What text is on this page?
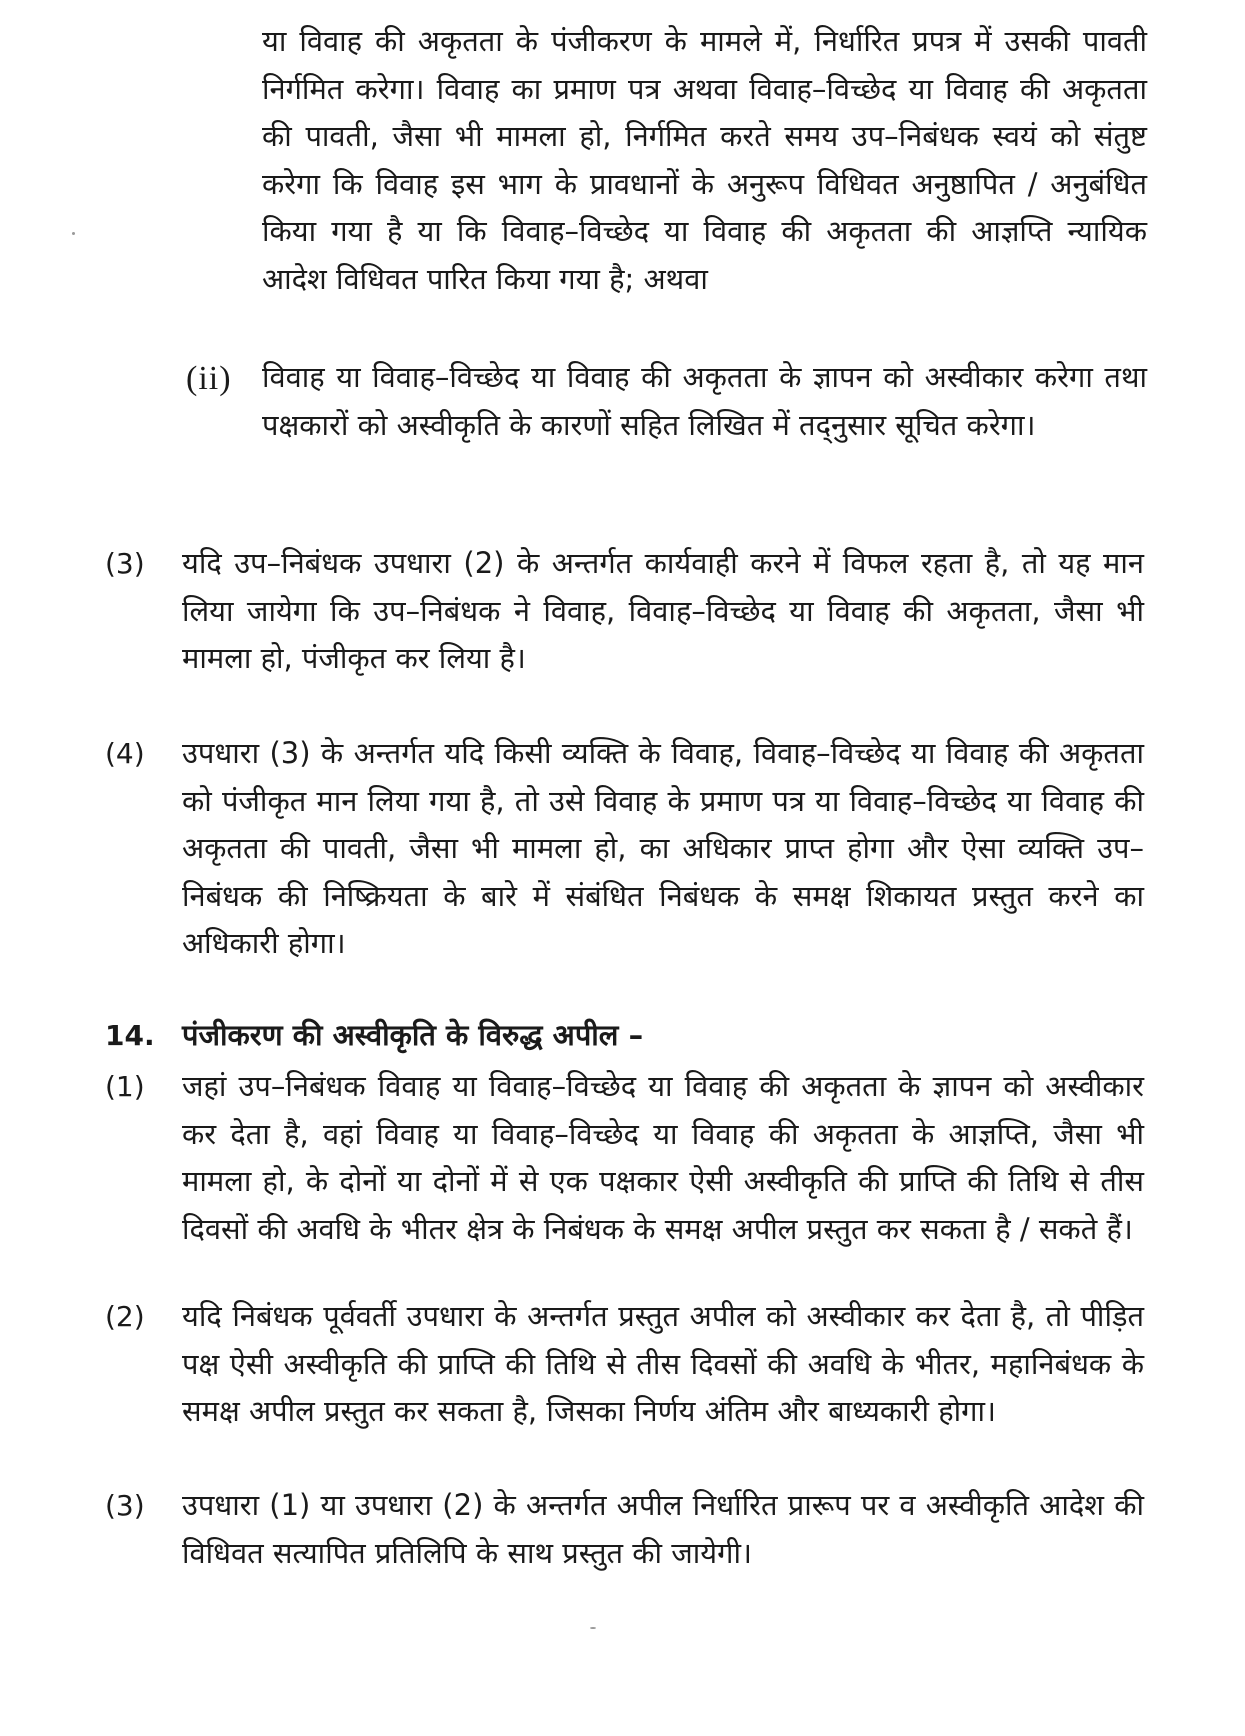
या विवाह की अकृतता के पंजीकरण के मामले में, निर्धारित प्रपत्र में उसकी पावती निर्गमित करेगा। विवाह का प्रमाण पत्र अथवा विवाह–विच्छेद या विवाह की अकृतता की पावती, जैसा भी मामला हो, निर्गमित करते समय उप–निबंधक स्वयं को संतुष्ट करेगा कि विवाह इस भाग के प्रावधानों के अनुरूप विधिवत अनुष्ठापित / अनुबंधित किया गया है या कि विवाह–विच्छेद या विवाह की अकृतता की आज्ञप्ति न्यायिक आदेश विधिवत पारित किया गया है; अथवा
(ii) विवाह या विवाह–विच्छेद या विवाह की अकृतता के ज्ञापन को अस्वीकार करेगा तथा पक्षकारों को अस्वीकृति के कारणों सहित लिखित में तद्नुसार सूचित करेगा।
(3) यदि उप–निबंधक उपधारा (2) के अन्तर्गत कार्यवाही करने में विफल रहता है, तो यह मान लिया जायेगा कि उप–निबंधक ने विवाह, विवाह–विच्छेद या विवाह की अकृतता, जैसा भी मामला हो, पंजीकृत कर लिया है।
(4) उपधारा (3) के अन्तर्गत यदि किसी व्यक्ति के विवाह, विवाह–विच्छेद या विवाह की अकृतता को पंजीकृत मान लिया गया है, तो उसे विवाह के प्रमाण पत्र या विवाह–विच्छेद या विवाह की अकृतता की पावती, जैसा भी मामला हो, का अधिकार प्राप्त होगा और ऐसा व्यक्ति उप–निबंधक की निष्क्रियता के बारे में संबंधित निबंधक के समक्ष शिकायत प्रस्तुत करने का अधिकारी होगा।
14. पंजीकरण की अस्वीकृति के विरुद्ध अपील –
(1) जहां उप–निबंधक विवाह या विवाह–विच्छेद या विवाह की अकृतता के ज्ञापन को अस्वीकार कर देता है, वहां विवाह या विवाह–विच्छेद या विवाह की अकृतता के आज्ञप्ति, जैसा भी मामला हो, के दोनों या दोनों में से एक पक्षकार ऐसी अस्वीकृति की प्राप्ति की तिथि से तीस दिवसों की अवधि के भीतर क्षेत्र के निबंधक के समक्ष अपील प्रस्तुत कर सकता है / सकते हैं।
(2) यदि निबंधक पूर्ववर्ती उपधारा के अन्तर्गत प्रस्तुत अपील को अस्वीकार कर देता है, तो पीड़ित पक्ष ऐसी अस्वीकृति की प्राप्ति की तिथि से तीस दिवसों की अवधि के भीतर, महानिबंधक के समक्ष अपील प्रस्तुत कर सकता है, जिसका निर्णय अंतिम और बाध्यकारी होगा।
(3) उपधारा (1) या उपधारा (2) के अन्तर्गत अपील निर्धारित प्रारूप पर व अस्वीकृति आदेश की विधिवत सत्यापित प्रतिलिपि के साथ प्रस्तुत की जायेगी।
